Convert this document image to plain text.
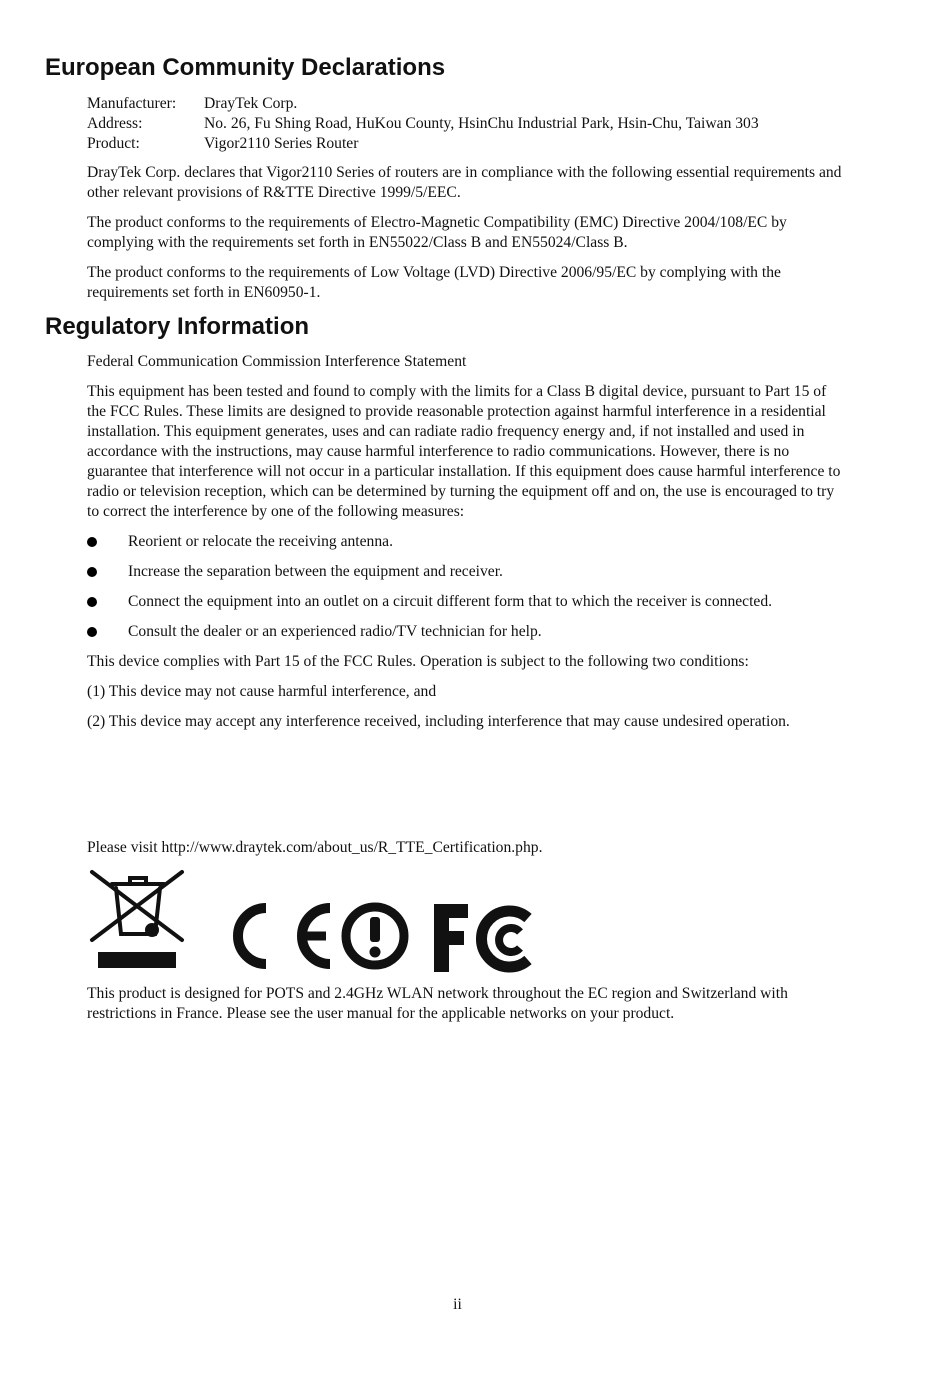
European Community Declarations
Manufacturer:	DrayTek Corp.
Address:	No. 26, Fu Shing Road, HuKou County, HsinChu Industrial Park, Hsin-Chu, Taiwan 303
Product:	Vigor2110 Series Router

DrayTek Corp. declares that Vigor2110 Series of routers are in compliance with the following essential requirements and other relevant provisions of R&TTE Directive 1999/5/EEC.

The product conforms to the requirements of Electro-Magnetic Compatibility (EMC) Directive 2004/108/EC by complying with the requirements set forth in EN55022/Class B and EN55024/Class B.

The product conforms to the requirements of Low Voltage (LVD) Directive 2006/95/EC by complying with the requirements set forth in EN60950-1.

Regulatory Information

Federal Communication Commission Interference Statement

This equipment has been tested and found to comply with the limits for a Class B digital device, pursuant to Part 15 of the FCC Rules. These limits are designed to provide reasonable protection against harmful interference in a residential installation. This equipment generates, uses and can radiate radio frequency energy and, if not installed and used in accordance with the instructions, may cause harmful interference to radio communications. However, there is no guarantee that interference will not occur in a particular installation. If this equipment does cause harmful interference to radio or television reception, which can be determined by turning the equipment off and on, the use is encouraged to try to correct the interference by one of the following measures:

Reorient or relocate the receiving antenna.
Increase the separation between the equipment and receiver.
Connect the equipment into an outlet on a circuit different form that to which the receiver is connected.
Consult the dealer or an experienced radio/TV technician for help.

This device complies with Part 15 of the FCC Rules. Operation is subject to the following two conditions:

(1) This device may not cause harmful interference, and

(2) This device may accept any interference received, including interference that may cause undesired operation.

Please visit http://www.draytek.com/about_us/R_TTE_Certification.php.
This product is designed for POTS and 2.4GHz WLAN network throughout the EC region and Switzerland with restrictions in France. Please see the user manual for the applicable networks on your product.
ii
